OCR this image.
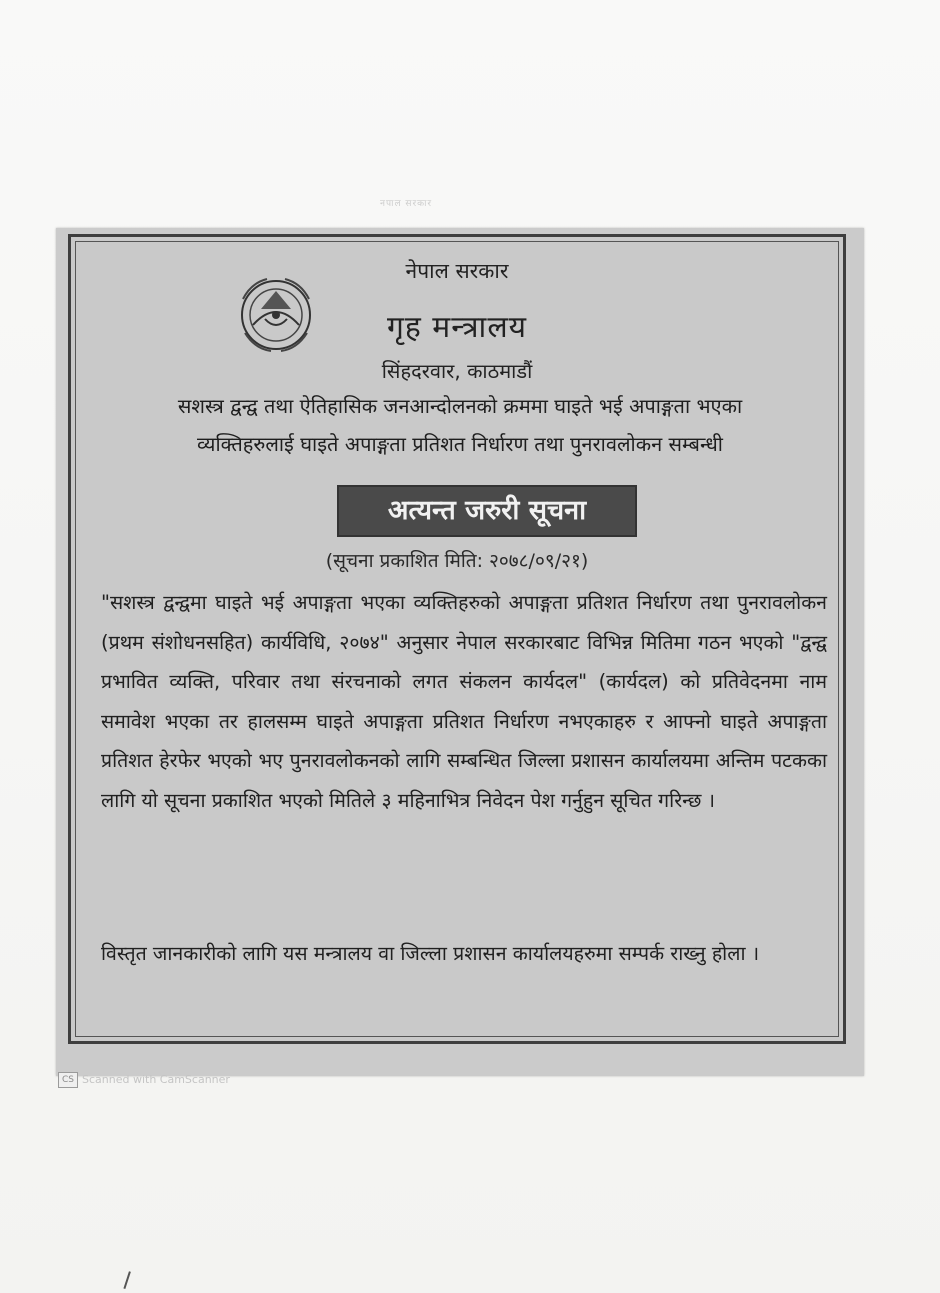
नपाल सरकार
नेपाल सरकार
गृह मन्त्रालय
सिंहदरवार, काठमाडौं
सशस्त्र द्वन्द्व तथा ऐतिहासिक जनआन्दोलनको क्रममा घाइते भई अपाङ्गता भएका
व्यक्तिहरुलाई घाइते अपाङ्गता प्रतिशत निर्धारण तथा पुनरावलोकन सम्बन्धी
अत्यन्त जरुरी सूचना
(सूचना प्रकाशित मिति: २०७८/०९/२१)
"सशस्त्र द्वन्द्वमा घाइते भई अपाङ्गता भएका व्यक्तिहरुको अपाङ्गता प्रतिशत निर्धारण तथा पुनरावलोकन (प्रथम संशोधनसहित) कार्यविधि, २०७४" अनुसार नेपाल सरकारबाट विभिन्न मितिमा गठन भएको "द्वन्द्व प्रभावित व्यक्ति, परिवार तथा संरचनाको लगत संकलन कार्यदल" (कार्यदल) को प्रतिवेदनमा नाम समावेश भएका तर हालसम्म घाइते अपाङ्गता प्रतिशत निर्धारण नभएकाहरु र आफ्नो घाइते अपाङ्गता प्रतिशत हेरफेर भएको भए पुनरावलोकनको लागि सम्बन्धित जिल्ला प्रशासन कार्यालयमा अन्तिम पटकका लागि यो सूचना प्रकाशित भएको मितिले ३ महिनाभित्र निवेदन पेश गर्नुहुन सूचित गरिन्छ ।
विस्तृत जानकारीको लागि यस मन्त्रालय वा जिल्ला प्रशासन कार्यालयहरुमा सम्पर्क राख्नु होला ।
CS Scanned with CamScanner
